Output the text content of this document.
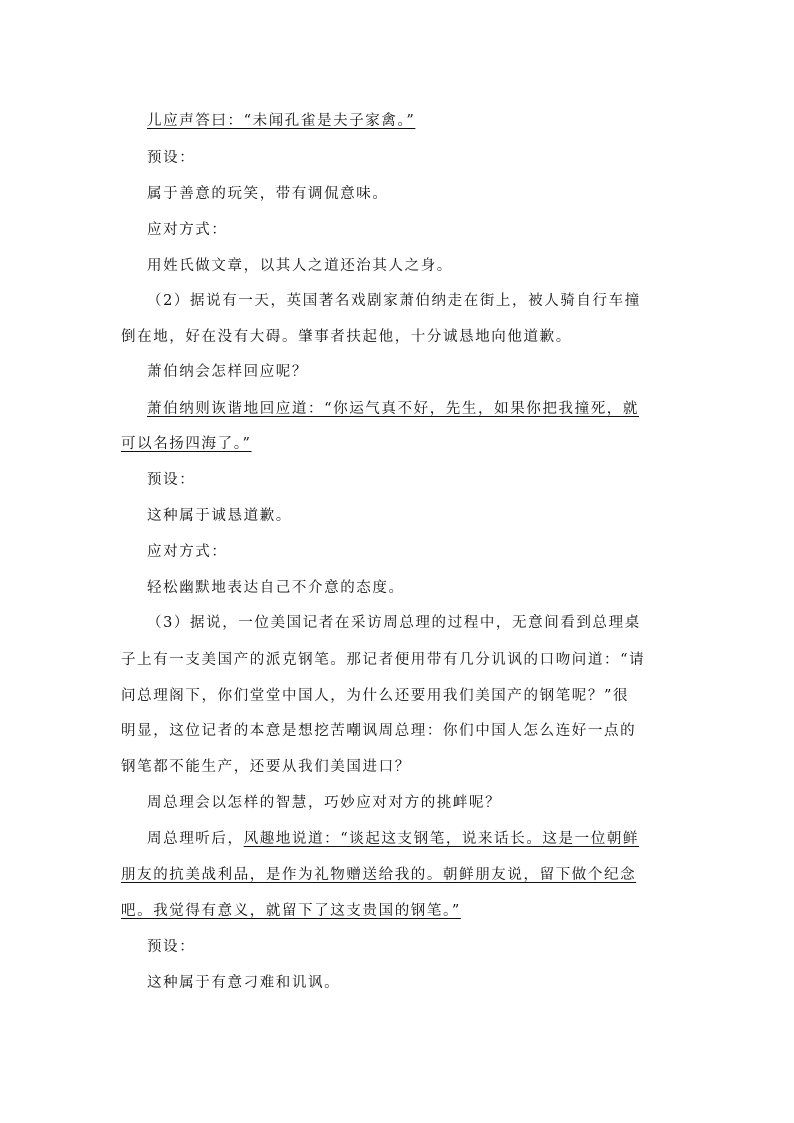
儿应声答曰：“未闻孔雀是夫子家禽。”
预设：
属于善意的玩笑，带有调侃意味。
应对方式：
用姓氏做文章，以其人之道还治其人之身。
（2）据说有一天，英国著名戏剧家萧伯纳走在街上，被人骑自行车撞
倒在地，好在没有大碍。肇事者扶起他，十分诚恳地向他道歉。
萧伯纳会怎样回应呢？
萧伯纳则诙谐地回应道：“你运气真不好，先生，如果你把我撞死，就
可以名扬四海了。”
预设：
这种属于诚恳道歉。
应对方式：
轻松幽默地表达自己不介意的态度。
（3）据说，一位美国记者在采访周总理的过程中，无意间看到总理桌
子上有一支美国产的派克钢笔。那记者便用带有几分讥讽的口吻问道：“请
问总理阁下，你们堂堂中国人，为什么还要用我们美国产的钢笔呢？”很
明显，这位记者的本意是想挖苦嘲讽周总理：你们中国人怎么连好一点的
钢笔都不能生产，还要从我们美国进口？
周总理会以怎样的智慧，巧妙应对对方的挑衅呢？
周总理听后，风趣地说道：“谈起这支钢笔，说来话长。这是一位朝鲜
朋友的抗美战利品，是作为礼物赠送给我的。朝鲜朋友说，留下做个纪念
吧。我觉得有意义，就留下了这支贵国的钢笔。”
预设：
这种属于有意刁难和讥讽。
